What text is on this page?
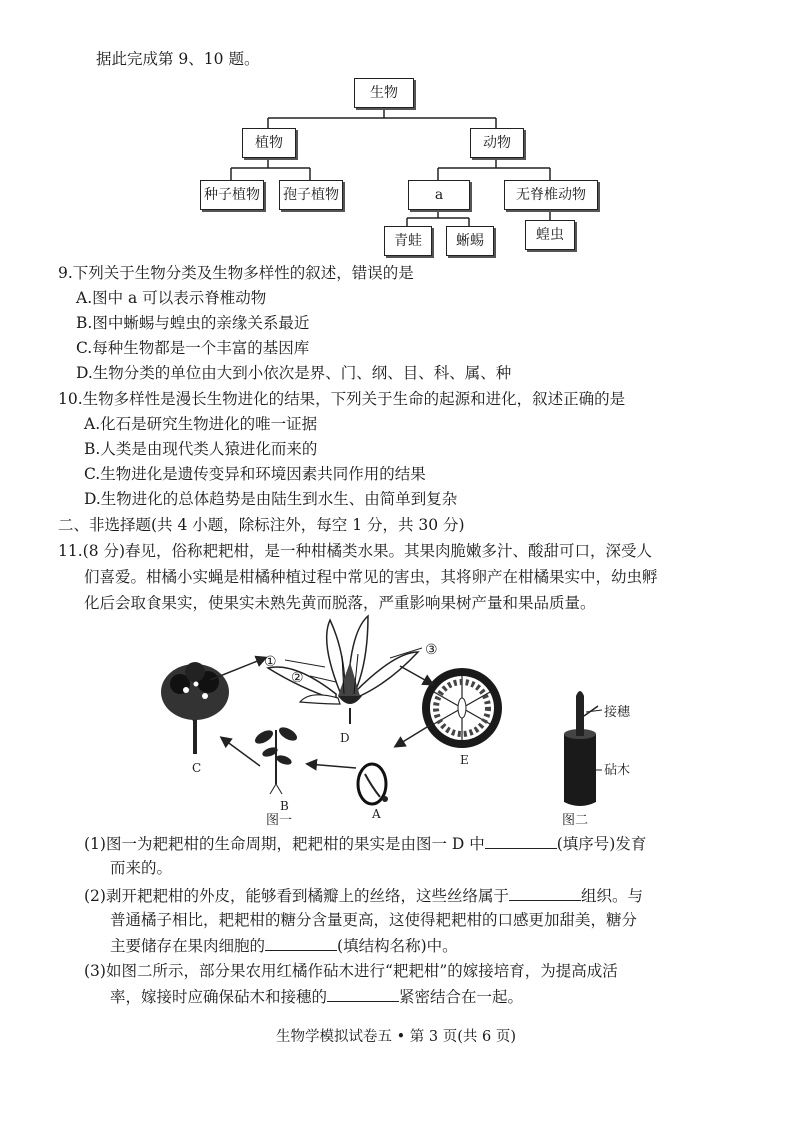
据此完成第 9、10 题。
生物
植物	动物
种子植物 孢子植物	a	无脊椎动物
青蛙	蜥蜴	蝗虫
9.下列关于生物分类及生物多样性的叙述，错误的是
A.图中 a 可以表示脊椎动物
B.图中蜥蜴与蝗虫的亲缘关系最近
C.每种生物都是一个丰富的基因库
D.生物分类的单位由大到小依次是界、门、纲、目、科、属、种
10.生物多样性是漫长生物进化的结果，下列关于生命的起源和进化，叙述正确的是
A.化石是研究生物进化的唯一证据
B.人类是由现代类人猿进化而来的
C.生物进化是遗传变异和环境因素共同作用的结果
D.生物进化的总体趋势是由陆生到水生、由简单到复杂
二、非选择题(共 4 小题，除标注外，每空 1 分，共 30 分)
11.(8 分)春见，俗称耙耙柑，是一种柑橘类水果。其果肉脆嫩多汁、酸甜可口，深受人
们喜爱。柑橘小实蝇是柑橘种植过程中常见的害虫，其将卵产在柑橘果实中，幼虫孵
化后会取食果实，使果实未熟先黄而脱落，严重影响果树产量和果品质量。
C
D
①
②
③
E
A
B
接穗
砧木
图一	图二
(1)图一为耙耙柑的生命周期，耙耙柑的果实是由图一 D 中	(填序号)发育
而来的。
(2)剥开耙耙柑的外皮，能够看到橘瓣上的丝络，这些丝络属于	组织。与
普通橘子相比，耙耙柑的糖分含量更高，这使得耙耙柑的口感更加甜美，糖分
主要储存在果肉细胞的	(填结构名称)中。
(3)如图二所示，部分果农用红橘作砧木进行“耙耙柑”的嫁接培育，为提高成活
率，嫁接时应确保砧木和接穗的	紧密结合在一起。
生物学模拟试卷五 • 第 3 页(共 6 页)
